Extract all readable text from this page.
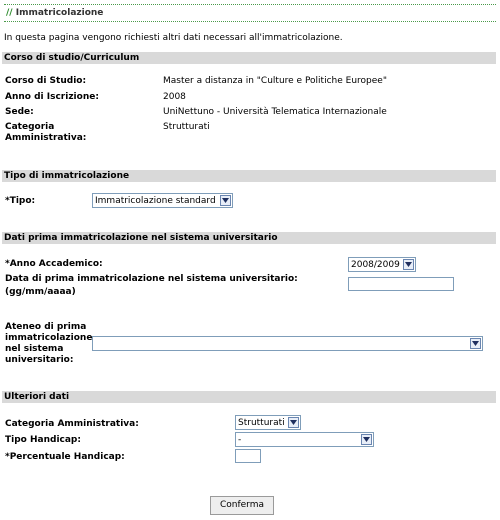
// Immatricolazione
In questa pagina vengono richiesti altri dati necessari all'immatricolazione.
Corso di studio/Curriculum
Corso di Studio:	Master a distanza in "Culture e Politiche Europee"
Anno di Iscrizione:	2008
Sede:	UniNettuno - Università Telematica Internazionale
Categoria Amministrativa:
Strutturati
Tipo di immatricolazione
*Tipo:	Immatricolazione standard
Dati prima immatricolazione nel sistema universitario
*Anno Accademico:	2008/2009
Data di prima immatricolazione nel sistema universitario:
(gg/mm/aaaa)
Ateneo di prima immatricolazione nel sistema universitario:
Ulteriori dati
Categoria Amministrativa:	Strutturati
Tipo Handicap:	-
*Percentuale Handicap:
Conferma
